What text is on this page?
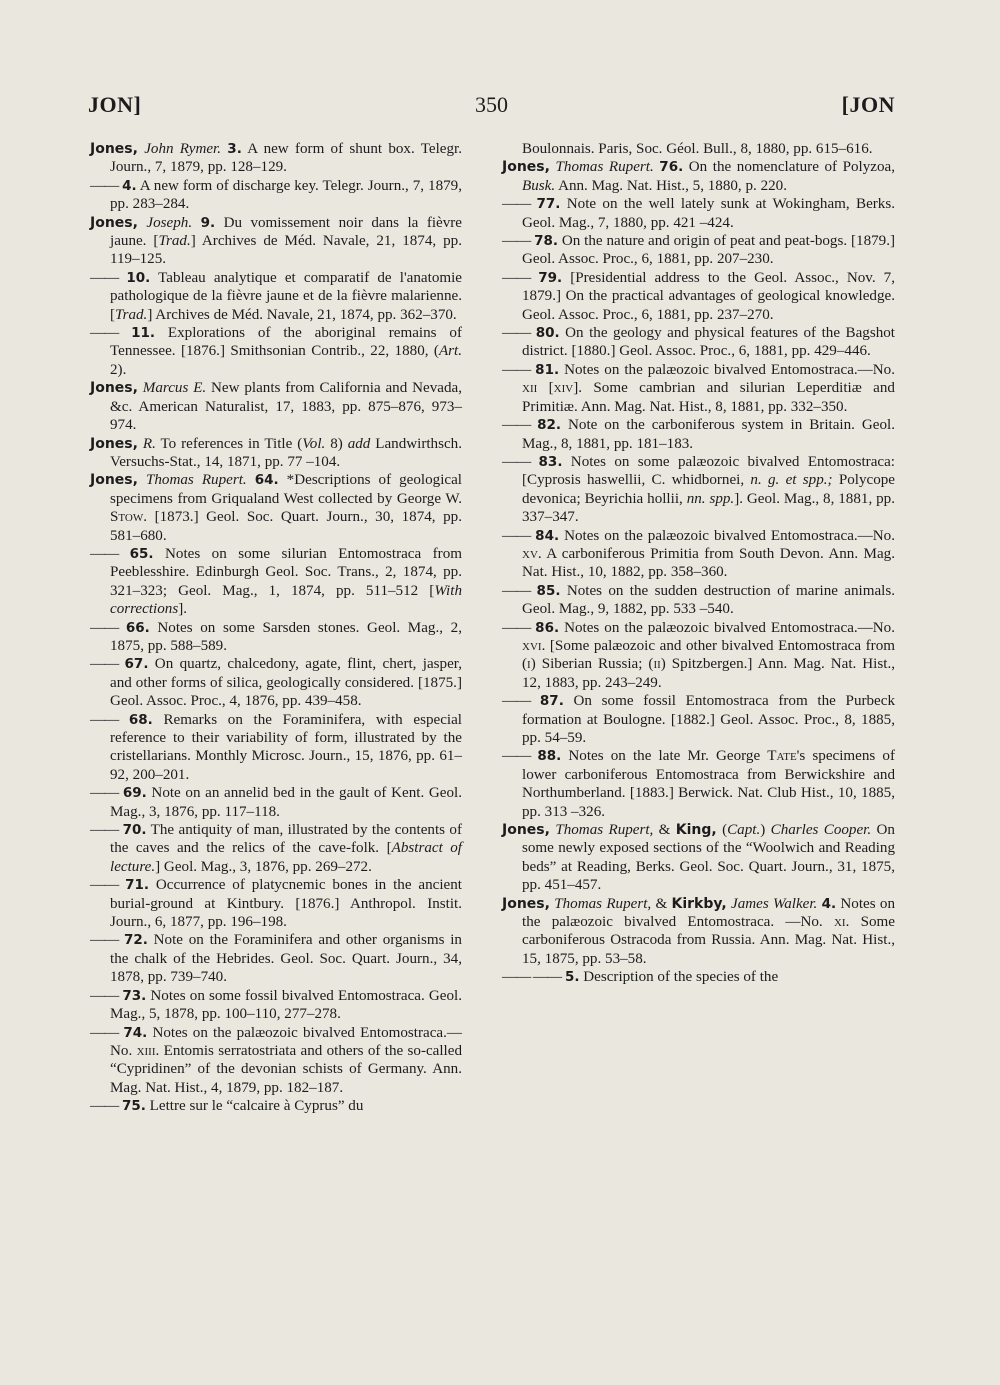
JON]	350	[JON

Jones, John Rymer. 3. A new form of shunt box. Telegr. Journ., 7, 1879, pp. 128–129.

—— 4. A new form of discharge key. Telegr. Journ., 7, 1879, pp. 283–284.

Jones, Joseph. 9. Du vomissement noir dans la fièvre jaune. [Trad.] Archives de Méd. Navale, 21, 1874, pp. 119–125.

—— 10. Tableau analytique et comparatif de l'anatomie pathologique de la fièvre jaune et de la fièvre malarienne. [Trad.] Archives de Méd. Navale, 21, 1874, pp. 362–370.

—— 11. Explorations of the aboriginal remains of Tennessee. [1876.] Smithsonian Contrib., 22, 1880, (Art. 2).

Jones, Marcus E. New plants from California and Nevada, &c. American Naturalist, 17, 1883, pp. 875–876, 973–974.

Jones, R. To references in Title (Vol. 8) add Landwirthsch. Versuchs-Stat., 14, 1871, pp. 77 –104.

Jones, Thomas Rupert. 64. *Descriptions of geological specimens from Griqualand West collected by George W. Stow. [1873.] Geol. Soc. Quart. Journ., 30, 1874, pp. 581–680.

—— 65. Notes on some silurian Entomostraca from Peeblesshire. Edinburgh Geol. Soc. Trans., 2, 1874, pp. 321–323; Geol. Mag., 1, 1874, pp. 511–512 [With corrections].

—— 66. Notes on some Sarsden stones. Geol. Mag., 2, 1875, pp. 588–589.

—— 67. On quartz, chalcedony, agate, flint, chert, jasper, and other forms of silica, geologically considered. [1875.] Geol. Assoc. Proc., 4, 1876, pp. 439–458.

—— 68. Remarks on the Foraminifera, with especial reference to their variability of form, illustrated by the cristellarians. Monthly Microsc. Journ., 15, 1876, pp. 61–92, 200–201.

—— 69. Note on an annelid bed in the gault of Kent. Geol. Mag., 3, 1876, pp. 117–118.

—— 70. The antiquity of man, illustrated by the contents of the caves and the relics of the cave-folk. [Abstract of lecture.] Geol. Mag., 3, 1876, pp. 269–272.

—— 71. Occurrence of platycnemic bones in the ancient burial-ground at Kintbury. [1876.] Anthropol. Instit. Journ., 6, 1877, pp. 196–198.

—— 72. Note on the Foraminifera and other organisms in the chalk of the Hebrides. Geol. Soc. Quart. Journ., 34, 1878, pp. 739–740.

—— 73. Notes on some fossil bivalved Entomostraca. Geol. Mag., 5, 1878, pp. 100–110, 277–278.

—— 74. Notes on the palæozoic bivalved Entomostraca.—No. xiii. Entomis serratostriata and others of the so-called “Cypridinen” of the devonian schists of Germany. Ann. Mag. Nat. Hist., 4, 1879, pp. 182–187.

—— 75. Lettre sur le “calcaire à Cyprus” du

Boulonnais. Paris, Soc. Géol. Bull., 8, 1880, pp. 615–616.

Jones, Thomas Rupert. 76. On the nomenclature of Polyzoa, Busk. Ann. Mag. Nat. Hist., 5, 1880, p. 220.

—— 77. Note on the well lately sunk at Wokingham, Berks. Geol. Mag., 7, 1880, pp. 421 –424.

—— 78. On the nature and origin of peat and peat-bogs. [1879.] Geol. Assoc. Proc., 6, 1881, pp. 207–230.

—— 79. [Presidential address to the Geol. Assoc., Nov. 7, 1879.] On the practical advantages of geological knowledge. Geol. Assoc. Proc., 6, 1881, pp. 237–270.

—— 80. On the geology and physical features of the Bagshot district. [1880.] Geol. Assoc. Proc., 6, 1881, pp. 429–446.

—— 81. Notes on the palæozoic bivalved Entomostraca.—No. xii [xiv]. Some cambrian and silurian Leperditiæ and Primitiæ. Ann. Mag. Nat. Hist., 8, 1881, pp. 332–350.

—— 82. Note on the carboniferous system in Britain. Geol. Mag., 8, 1881, pp. 181–183.

—— 83. Notes on some palæozoic bivalved Entomostraca: [Cyprosis haswellii, C. whidbornei, n. g. et spp.; Polycope devonica; Beyrichia hollii, nn. spp.]. Geol. Mag., 8, 1881, pp. 337–347.

—— 84. Notes on the palæozoic bivalved Entomostraca.—No. xv. A carboniferous Primitia from South Devon. Ann. Mag. Nat. Hist., 10, 1882, pp. 358–360.

—— 85. Notes on the sudden destruction of marine animals. Geol. Mag., 9, 1882, pp. 533 –540.

—— 86. Notes on the palæozoic bivalved Entomostraca.—No. xvi. [Some palæozoic and other bivalved Entomostraca from (i) Siberian Russia; (ii) Spitzbergen.] Ann. Mag. Nat. Hist., 12, 1883, pp. 243–249.

—— 87. On some fossil Entomostraca from the Purbeck formation at Boulogne. [1882.] Geol. Assoc. Proc., 8, 1885, pp. 54–59.

—— 88. Notes on the late Mr. George Tate's specimens of lower carboniferous Entomostraca from Berwickshire and Northumberland. [1883.] Berwick. Nat. Club Hist., 10, 1885, pp. 313 –326.

Jones, Thomas Rupert, & King, (Capt.) Charles Cooper. On some newly exposed sections of the “Woolwich and Reading beds” at Reading, Berks. Geol. Soc. Quart. Journ., 31, 1875, pp. 451–457.

Jones, Thomas Rupert, & Kirkby, James Walker. 4. Notes on the palæozoic bivalved Entomostraca. —No. xi. Some carboniferous Ostracoda from Russia. Ann. Mag. Nat. Hist., 15, 1875, pp. 53–58.

—— —— 5. Description of the species of the
